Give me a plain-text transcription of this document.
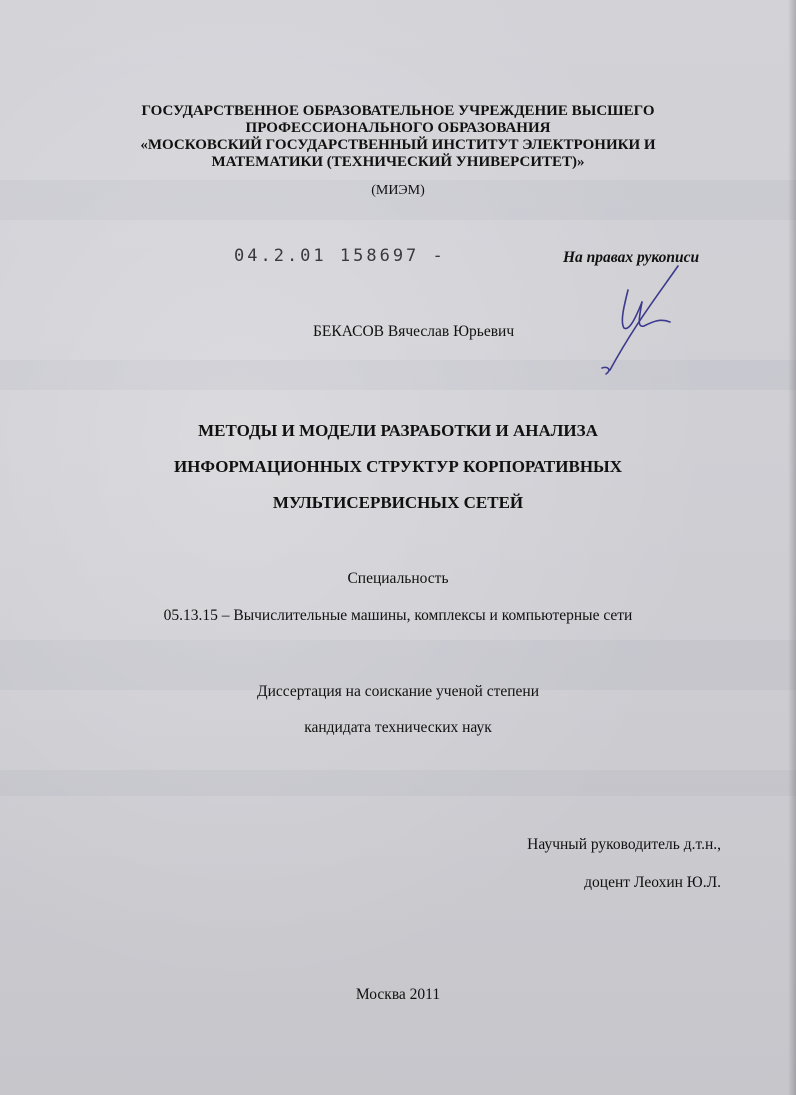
ГОСУДАРСТВЕННОЕ ОБРАЗОВАТЕЛЬНОЕ УЧРЕЖДЕНИЕ ВЫСШЕГО
ПРОФЕССИОНАЛЬНОГО ОБРАЗОВАНИЯ
«МОСКОВСКИЙ ГОСУДАРСТВЕННЫЙ ИНСТИТУТ ЭЛЕКТРОНИКИ И
МАТЕМАТИКИ (ТЕХНИЧЕСКИЙ УНИВЕРСИТЕТ)»
(МИЭМ)
04.2.01 158697 -	На правах рукописи
БЕКАСОВ Вячеслав Юрьевич
МЕТОДЫ И МОДЕЛИ РАЗРАБОТКИ И АНАЛИЗА
ИНФОРМАЦИОННЫХ СТРУКТУР КОРПОРАТИВНЫХ
МУЛЬТИСЕРВИСНЫХ СЕТЕЙ
Специальность
05.13.15 – Вычислительные машины, комплексы и компьютерные сети
Диссертация на соискание ученой степени
кандидата технических наук
Научный руководитель д.т.н.,
доцент Леохин Ю.Л.
Москва 2011
